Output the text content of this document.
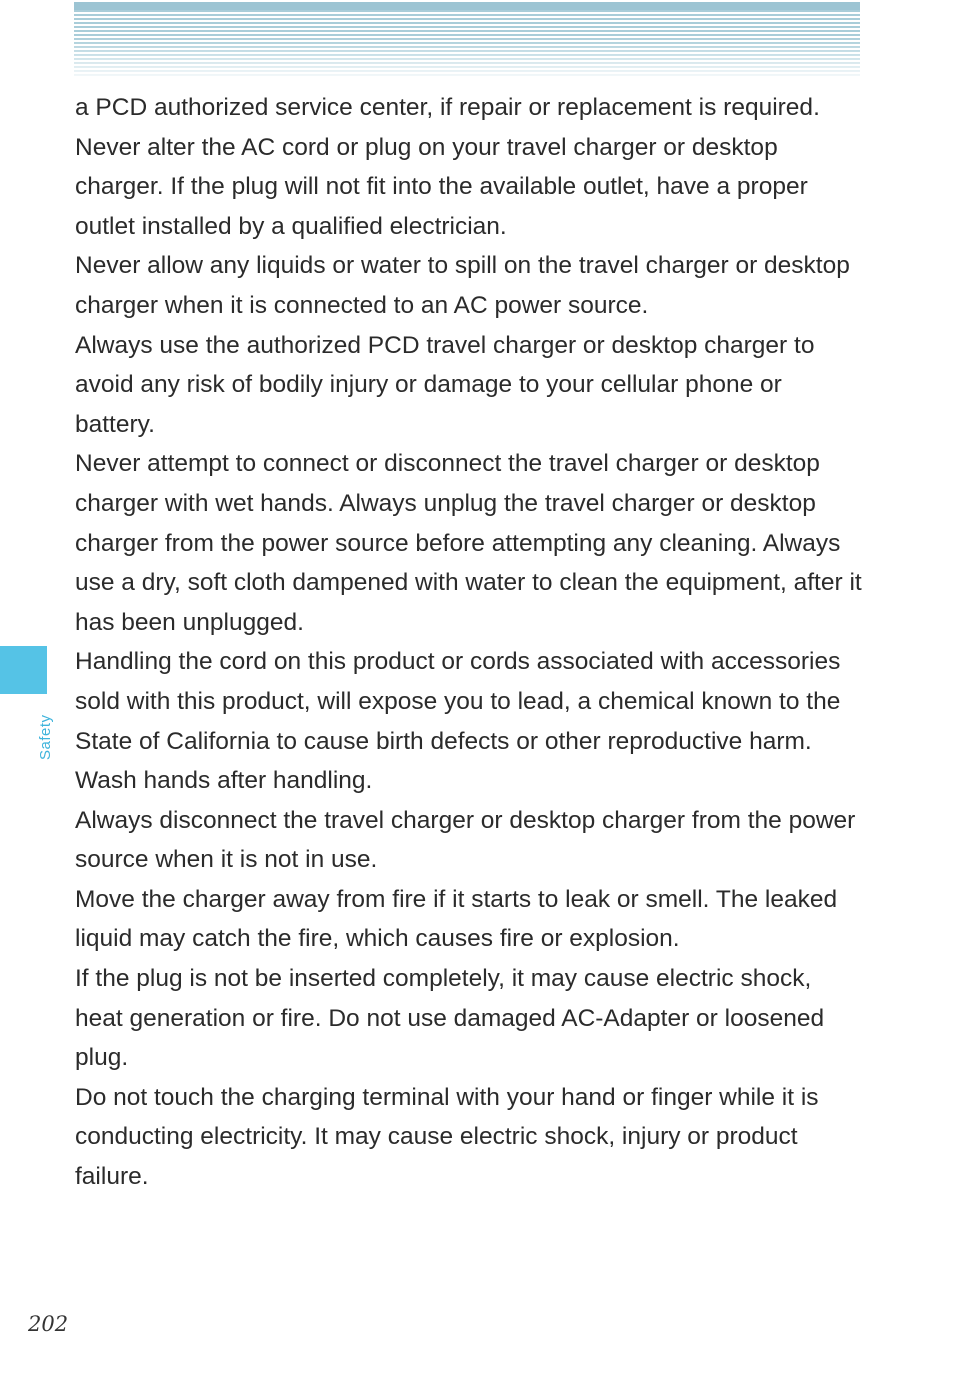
a PCD authorized service center, if repair or replacement is required.

Never alter the AC cord or plug on your travel charger or desktop charger. If the plug will not fit into the available outlet, have a proper outlet installed by a qualified electrician.

Never allow any liquids or water to spill on the travel charger or desktop charger when it is connected to an AC power source.

Always use the authorized PCD travel charger or desktop charger to avoid any risk of bodily injury or damage to your cellular phone or battery.

Never attempt to connect or disconnect the travel charger or desktop charger with wet hands. Always unplug the travel charger or desktop charger from the power source before attempting any cleaning. Always use a dry, soft cloth dampened with water to clean the equipment, after it has been unplugged.

Handling the cord on this product or cords associated with accessories sold with this product, will expose you to lead, a chemical known to the State of California to cause birth defects or other reproductive harm. Wash hands after handling.

Always disconnect the travel charger or desktop charger from the power source when it is not in use.

Move the charger away from fire if it starts to leak or smell. The leaked liquid may catch the fire, which causes fire or explosion.

If the plug is not be inserted completely, it may cause electric shock, heat generation or fire. Do not use damaged AC-Adapter or loosened plug.

Do not touch the charging terminal with your hand or finger while it is conducting electricity. It may cause electric shock, injury or product failure.

Safety
202
